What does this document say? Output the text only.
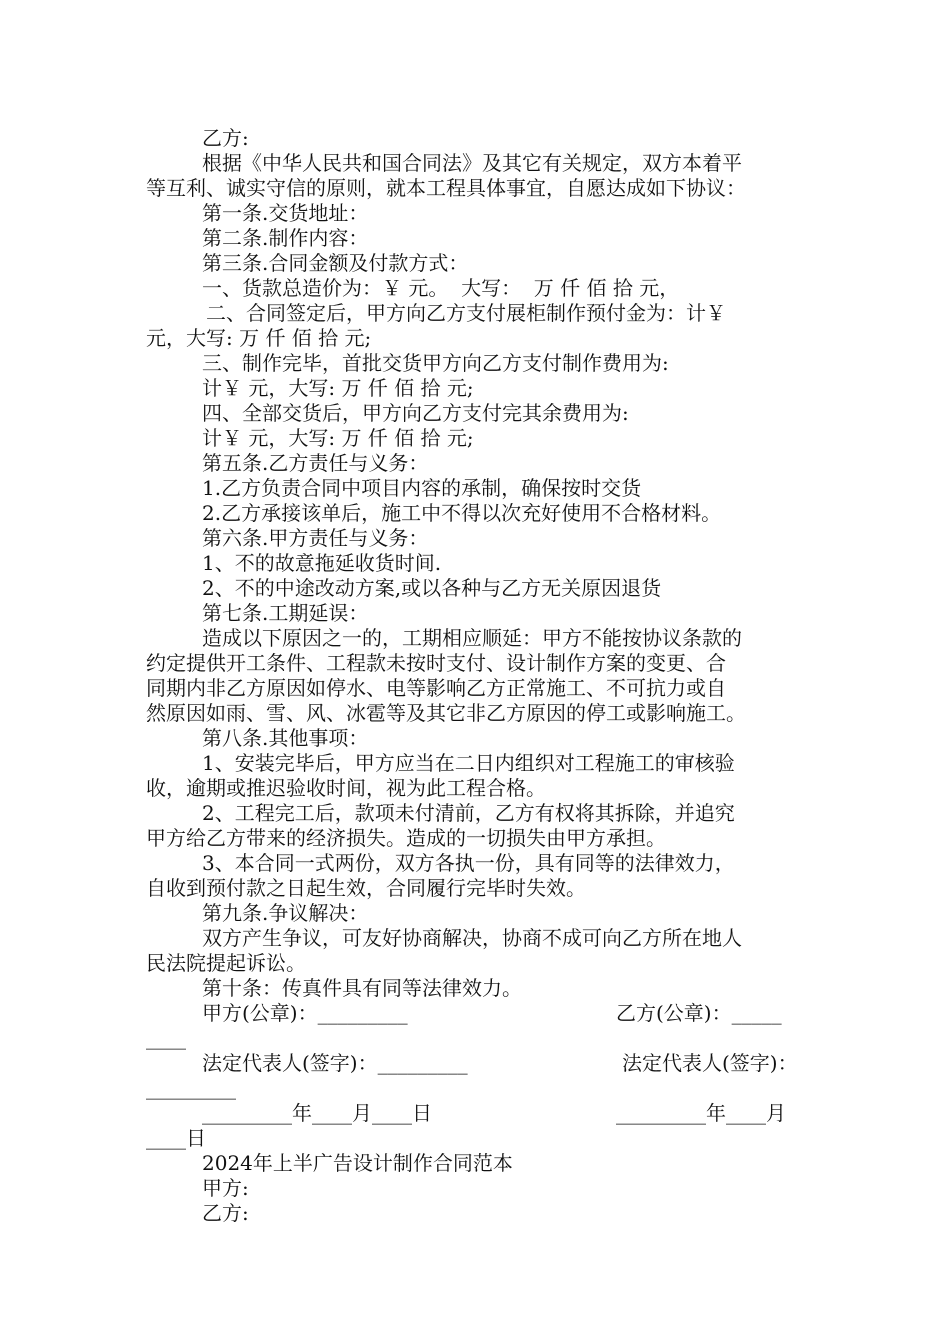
乙方:
根据《中华人民共和国合同法》及其它有关规定，双方本着平
等互利、诚实守信的原则，就本工程具体事宜，自愿达成如下协议：
第一条.交货地址：
第二条.制作内容：
第三条.合同金额及付款方式：
一、货款总造价为：￥ 元。  大写：  万 仟 佰 拾 元，
二、合同签定后，甲方向乙方支付展柜制作预付金为：计￥
元，大写: 万 仟 佰 拾 元;
三、制作完毕，首批交货甲方向乙方支付制作费用为:
计￥ 元，大写: 万 仟 佰 拾 元;
四、全部交货后，甲方向乙方支付完其余费用为:
计￥ 元，大写: 万 仟 佰 拾 元;
第五条.乙方责任与义务：
1.乙方负责合同中项目内容的承制，确保按时交货
2.乙方承接该单后，施工中不得以次充好使用不合格材料。
第六条.甲方责任与义务：
1、不的故意拖延收货时间.
2、不的中途改动方案,或以各种与乙方无关原因退货
第七条.工期延误：
造成以下原因之一的，工期相应顺延：甲方不能按协议条款的
约定提供开工条件、工程款未按时支付、设计制作方案的变更、合
同期内非乙方原因如停水、电等影响乙方正常施工、不可抗力或自
然原因如雨、雪、风、冰雹等及其它非乙方原因的停工或影响施工。
第八条.其他事项：
1、安装完毕后，甲方应当在二日内组织对工程施工的审核验
收，逾期或推迟验收时间，视为此工程合格。
2、工程完工后，款项未付清前，乙方有权将其拆除，并追究
甲方给乙方带来的经济损失。造成的一切损失由甲方承担。
3、本合同一式两份，双方各执一份，具有同等的法律效力，
自收到预付款之日起生效，合同履行完毕时失效。
第九条.争议解决：
双方产生争议，可友好协商解决，协商不成可向乙方所在地人
民法院提起诉讼。
第十条：传真件具有同等法律效力。
甲方(公章)：_________	乙方(公章)：_____
____
法定代表人(签字)：_________	法定代表人(签字)：
_________
_________年____月____日	_________年____月
____日
2024年上半广告设计制作合同范本
甲方:
乙方:
